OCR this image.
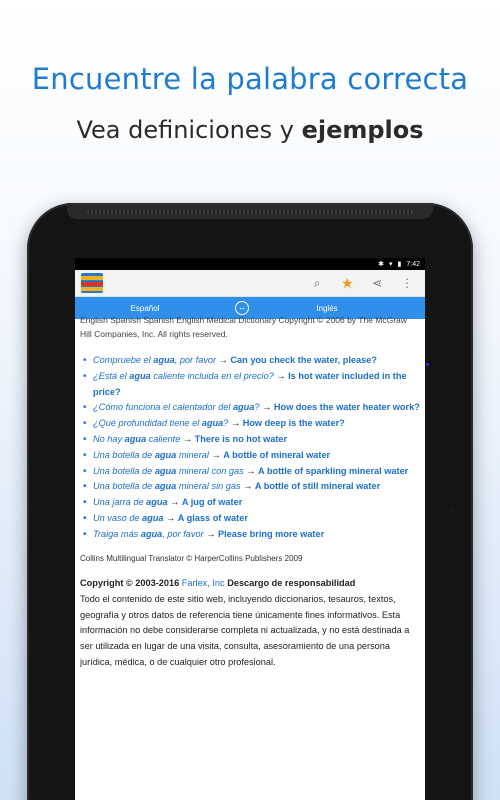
Encuentre la palabra correcta
Vea definiciones y ejemplos
✱ ▾ ▮ 7:42
⌕ ★ ⋖ ⋮
Español	↔	Inglés
English Spanish Spanish English Medical Dictionary Copyright © 2006 by The McGraw Hill Companies, Inc. All rights reserved.
• Compruebe el agua, por favor → Can you check the water, please?
• ¿Está el agua caliente incluida en el precio? → Is hot water included in the price?
• ¿Cómo funciona el calentador del agua? → How does the water heater work?
• ¿Qué profundidad tiene el agua? → How deep is the water?
• No hay agua caliente → There is no hot water
• Una botella de agua mineral → A bottle of mineral water
• Una botella de agua mineral con gas → A bottle of sparkling mineral water
• Una botella de agua mineral sin gas → A bottle of still mineral water
• Una jarra de agua → A jug of water
• Un vaso de agua → A glass of water
• Traiga más agua, por favor → Please bring more water
Collins Multilingual Translator © HarperCollins Publishers 2009
Copyright © 2003-2016 Farlex, Inc Descargo de responsabilidad
Todo el contenido de este sitio web, incluyendo diccionarios, tesauros, textos, geografía y otros datos de referencia tiene únicamente fines informativos. Esta información no debe considerarse completa ni actualizada, y no está destinada a ser utilizada en lugar de una visita, consulta, asesoramiento de una persona jurídica, médica, o de cualquier otro profesional.
